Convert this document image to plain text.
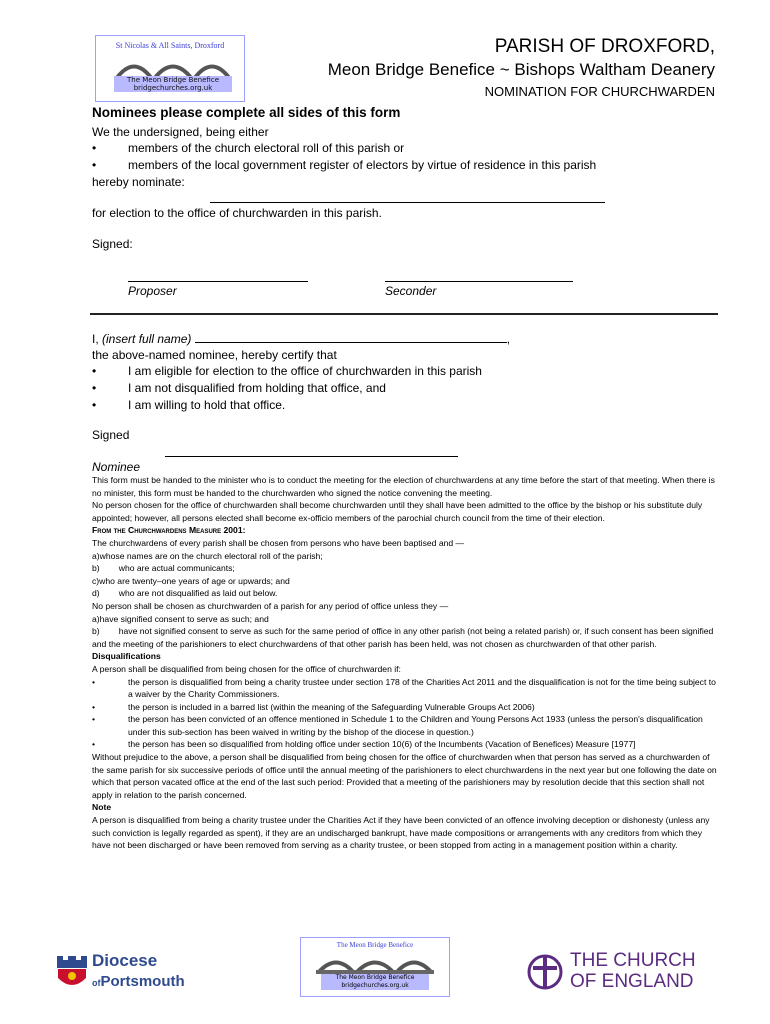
St Nicolas & All Saints, Droxford
The Meon Bridge Benefice
bridgechurches.org.uk
PARISH OF DROXFORD,
Meon Bridge Benefice ~ Bishops Waltham Deanery
NOMINATION FOR CHURCHWARDEN
Nominees please complete all sides of this form
We the undersigned, being either
•	members of the church electoral roll of this parish or
•	members of the local government register of electors by virtue of residence in this parish
hereby nominate:
for election to the office of churchwarden in this parish.
Signed:
Proposer	Seconder
I, (insert full name)	,
the above-named nominee, hereby certify that
•	I am eligible for election to the office of churchwarden in this parish
•	I am not disqualified from holding that office, and
•	I am willing to hold that office.
Signed
Nominee

This form must be handed to the minister who is to conduct the meeting for the election of churchwardens at any time before the start of that meeting. When there is no minister, this form must be handed to the churchwarden who signed the notice convening the meeting.

No person chosen for the office of churchwarden shall become churchwarden until they shall have been admitted to the office by the bishop or his substitute duly appointed; however, all persons elected shall become ex-officio members of the parochial church council from the time of their election.

From the Churchwardens Measure 2001:

The churchwardens of every parish shall be chosen from persons who have been baptised and —

a)whose names are on the church electoral roll of the parish;

b)        who are actual communicants;

c)who are twenty–one years of age or upwards; and

d)        who are not disqualified as laid out below.

No person shall be chosen as churchwarden of a parish for any period of office unless they —

a)have signified consent to serve as such; and

b)        have not signified consent to serve as such for the same period of office in any other parish (not being a related parish) or, if such consent has been signified and the meeting of the parishioners to elect churchwardens of that other parish has been held, was not chosen as churchwarden of that other parish.

Disqualifications

A person shall be disqualified from being chosen for the office of churchwarden if:

•	the person is disqualified from being a charity trustee under section 178 of the Charities Act 2011 and the disqualification is not for the time being subject to a waiver by the Charity Commissioners.

•	the person is included in a barred list (within the meaning of the Safeguarding Vulnerable Groups Act 2006)

•	the person has been convicted of an offence mentioned in Schedule 1 to the Children and Young Persons Act 1933 (unless the person's disqualification under this sub-section has been waived in writing by the bishop of the diocese in question.)

•	the person has been so disqualified from holding office under section 10(6) of the Incumbents (Vacation of Benefices) Measure [1977]

Without prejudice to the above, a person shall be disqualified from being chosen for the office of churchwarden when that person has served as a churchwarden of the same parish for six successive periods of office until the annual meeting of the parishioners to elect churchwardens in the next year but one following the date on which that person vacated office at the end of the last such period: Provided that a meeting of the parishioners may by resolution decide that this section shall not apply in relation to the parish concerned.

Note

A person is disqualified from being a charity trustee under the Charities Act if they have been convicted of an offence involving deception or dishonesty (unless any such conviction is legally regarded as spent), if they are an undischarged bankrupt, have made compositions or arrangements with any creditors from which they have not been discharged or have been removed from serving as a charity trustee, or been stopped from acting in a management position within a charity.

Diocese
ofPortsmouth
The Meon Bridge Benefice
The Meon Bridge Benefice
bridgechurches.org.uk
THE CHURCH
OF ENGLAND
